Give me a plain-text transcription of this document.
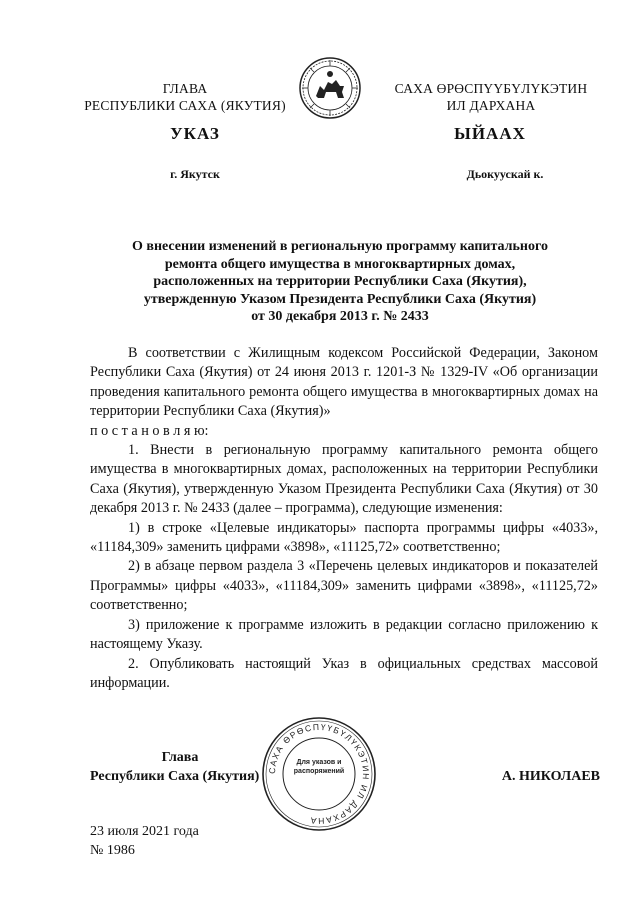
ГЛАВА
РЕСПУБЛИКИ САХА (ЯКУТИЯ)
САХА ӨРӨСПҮҮБҮЛҮКЭТИН
ИЛ ДАРХАНА
УКАЗ	ЫЙААХ
г. Якутск	Дьокуускай к.
О внесении изменений в региональную программу капитального
ремонта общего имущества в многоквартирных домах,
расположенных на территории Республики Саха (Якутия),
утвержденную Указом Президента Республики Саха (Якутия)
от 30 декабря 2013 г. № 2433

В соответствии с Жилищным кодексом Российской Федерации, Законом Республики Саха (Якутия) от 24 июня 2013 г. 1201-З № 1329-IV «Об организации проведения капитального ремонта общего имущества в многоквартирных домах на территории Республики Саха (Якутия)»

п о с т а н о в л я ю:

1. Внести в региональную программу капитального ремонта общего имущества в многоквартирных домах, расположенных на территории Республики Саха (Якутия), утвержденную Указом Президента Республики Саха (Якутия) от 30 декабря 2013 г. № 2433 (далее – программа), следующие изменения:

1) в строке «Целевые индикаторы» паспорта программы цифры «4033», «11184,309» заменить цифрами «3898», «11125,72» соответственно;

2) в абзаце первом раздела 3 «Перечень целевых индикаторов и показателей Программы» цифры «4033», «11184,309» заменить цифрами «3898», «11125,72» соответственно;

3) приложение к программе изложить в редакции согласно приложению к настоящему Указу.

2. Опубликовать настоящий Указ в официальных средствах массовой информации.

Глава
Республики Саха (Якутия) САХА ӨРӨСПҮҮБҮЛҮКЭТИН ИЛ ДАРХАНА
Для указов и распоряжений	А. НИКОЛАЕВ
23 июля 2021 года
№ 1986
